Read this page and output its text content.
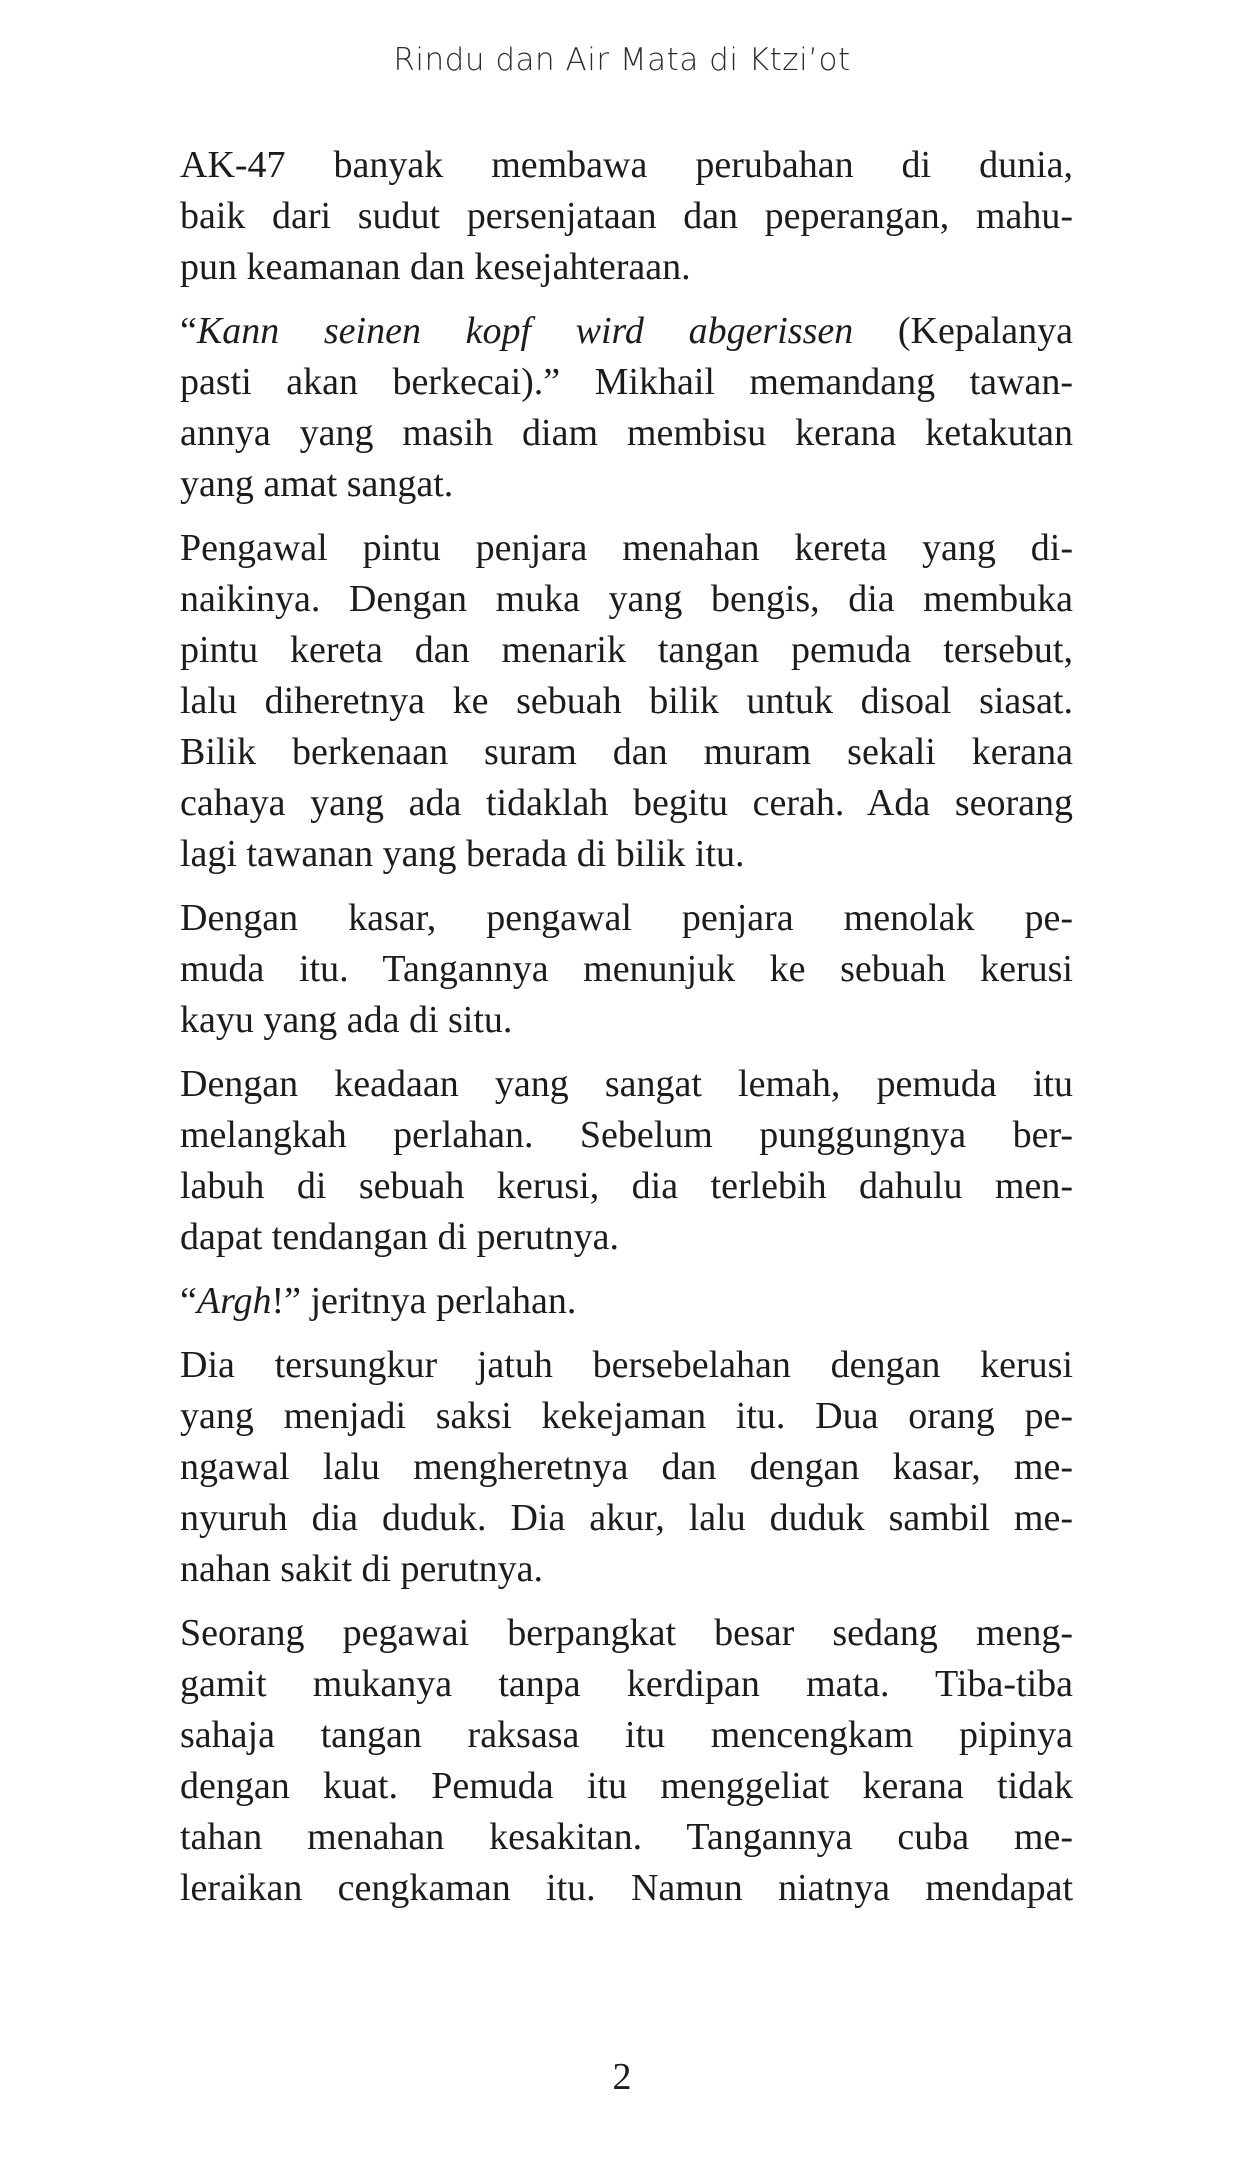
Rindu dan Air Mata di Ktzi’ot

AK-47 banyak membawa perubahan di dunia,
baik dari sudut persenjataan dan peperangan, mahu-
pun keamanan dan kesejahteraan.

“Kann seinen kopf wird abgerissen (Kepalanya
pasti akan berkecai).” Mikhail memandang tawan-
annya yang masih diam membisu kerana ketakutan
yang amat sangat.

Pengawal pintu penjara menahan kereta yang di-
naikinya. Dengan muka yang bengis, dia membuka
pintu kereta dan menarik tangan pemuda tersebut,
lalu diheretnya ke sebuah bilik untuk disoal siasat.
Bilik berkenaan suram dan muram sekali kerana
cahaya yang ada tidaklah begitu cerah. Ada seorang
lagi tawanan yang berada di bilik itu.

Dengan kasar, pengawal penjara menolak pe-
muda itu. Tangannya menunjuk ke sebuah kerusi
kayu yang ada di situ.

Dengan keadaan yang sangat lemah, pemuda itu
melangkah perlahan. Sebelum punggungnya ber-
labuh di sebuah kerusi, dia terlebih dahulu men-
dapat tendangan di perutnya.

“Argh!” jeritnya perlahan.

Dia tersungkur jatuh bersebelahan dengan kerusi
yang menjadi saksi kekejaman itu. Dua orang pe-
ngawal lalu mengheretnya dan dengan kasar, me-
nyuruh dia duduk. Dia akur, lalu duduk sambil me-
nahan sakit di perutnya.

Seorang pegawai berpangkat besar sedang meng-
gamit mukanya tanpa kerdipan mata. Tiba-tiba
sahaja tangan raksasa itu mencengkam pipinya
dengan kuat. Pemuda itu menggeliat kerana tidak
tahan menahan kesakitan. Tangannya cuba me-
leraikan cengkaman itu. Namun niatnya mendapat

2
